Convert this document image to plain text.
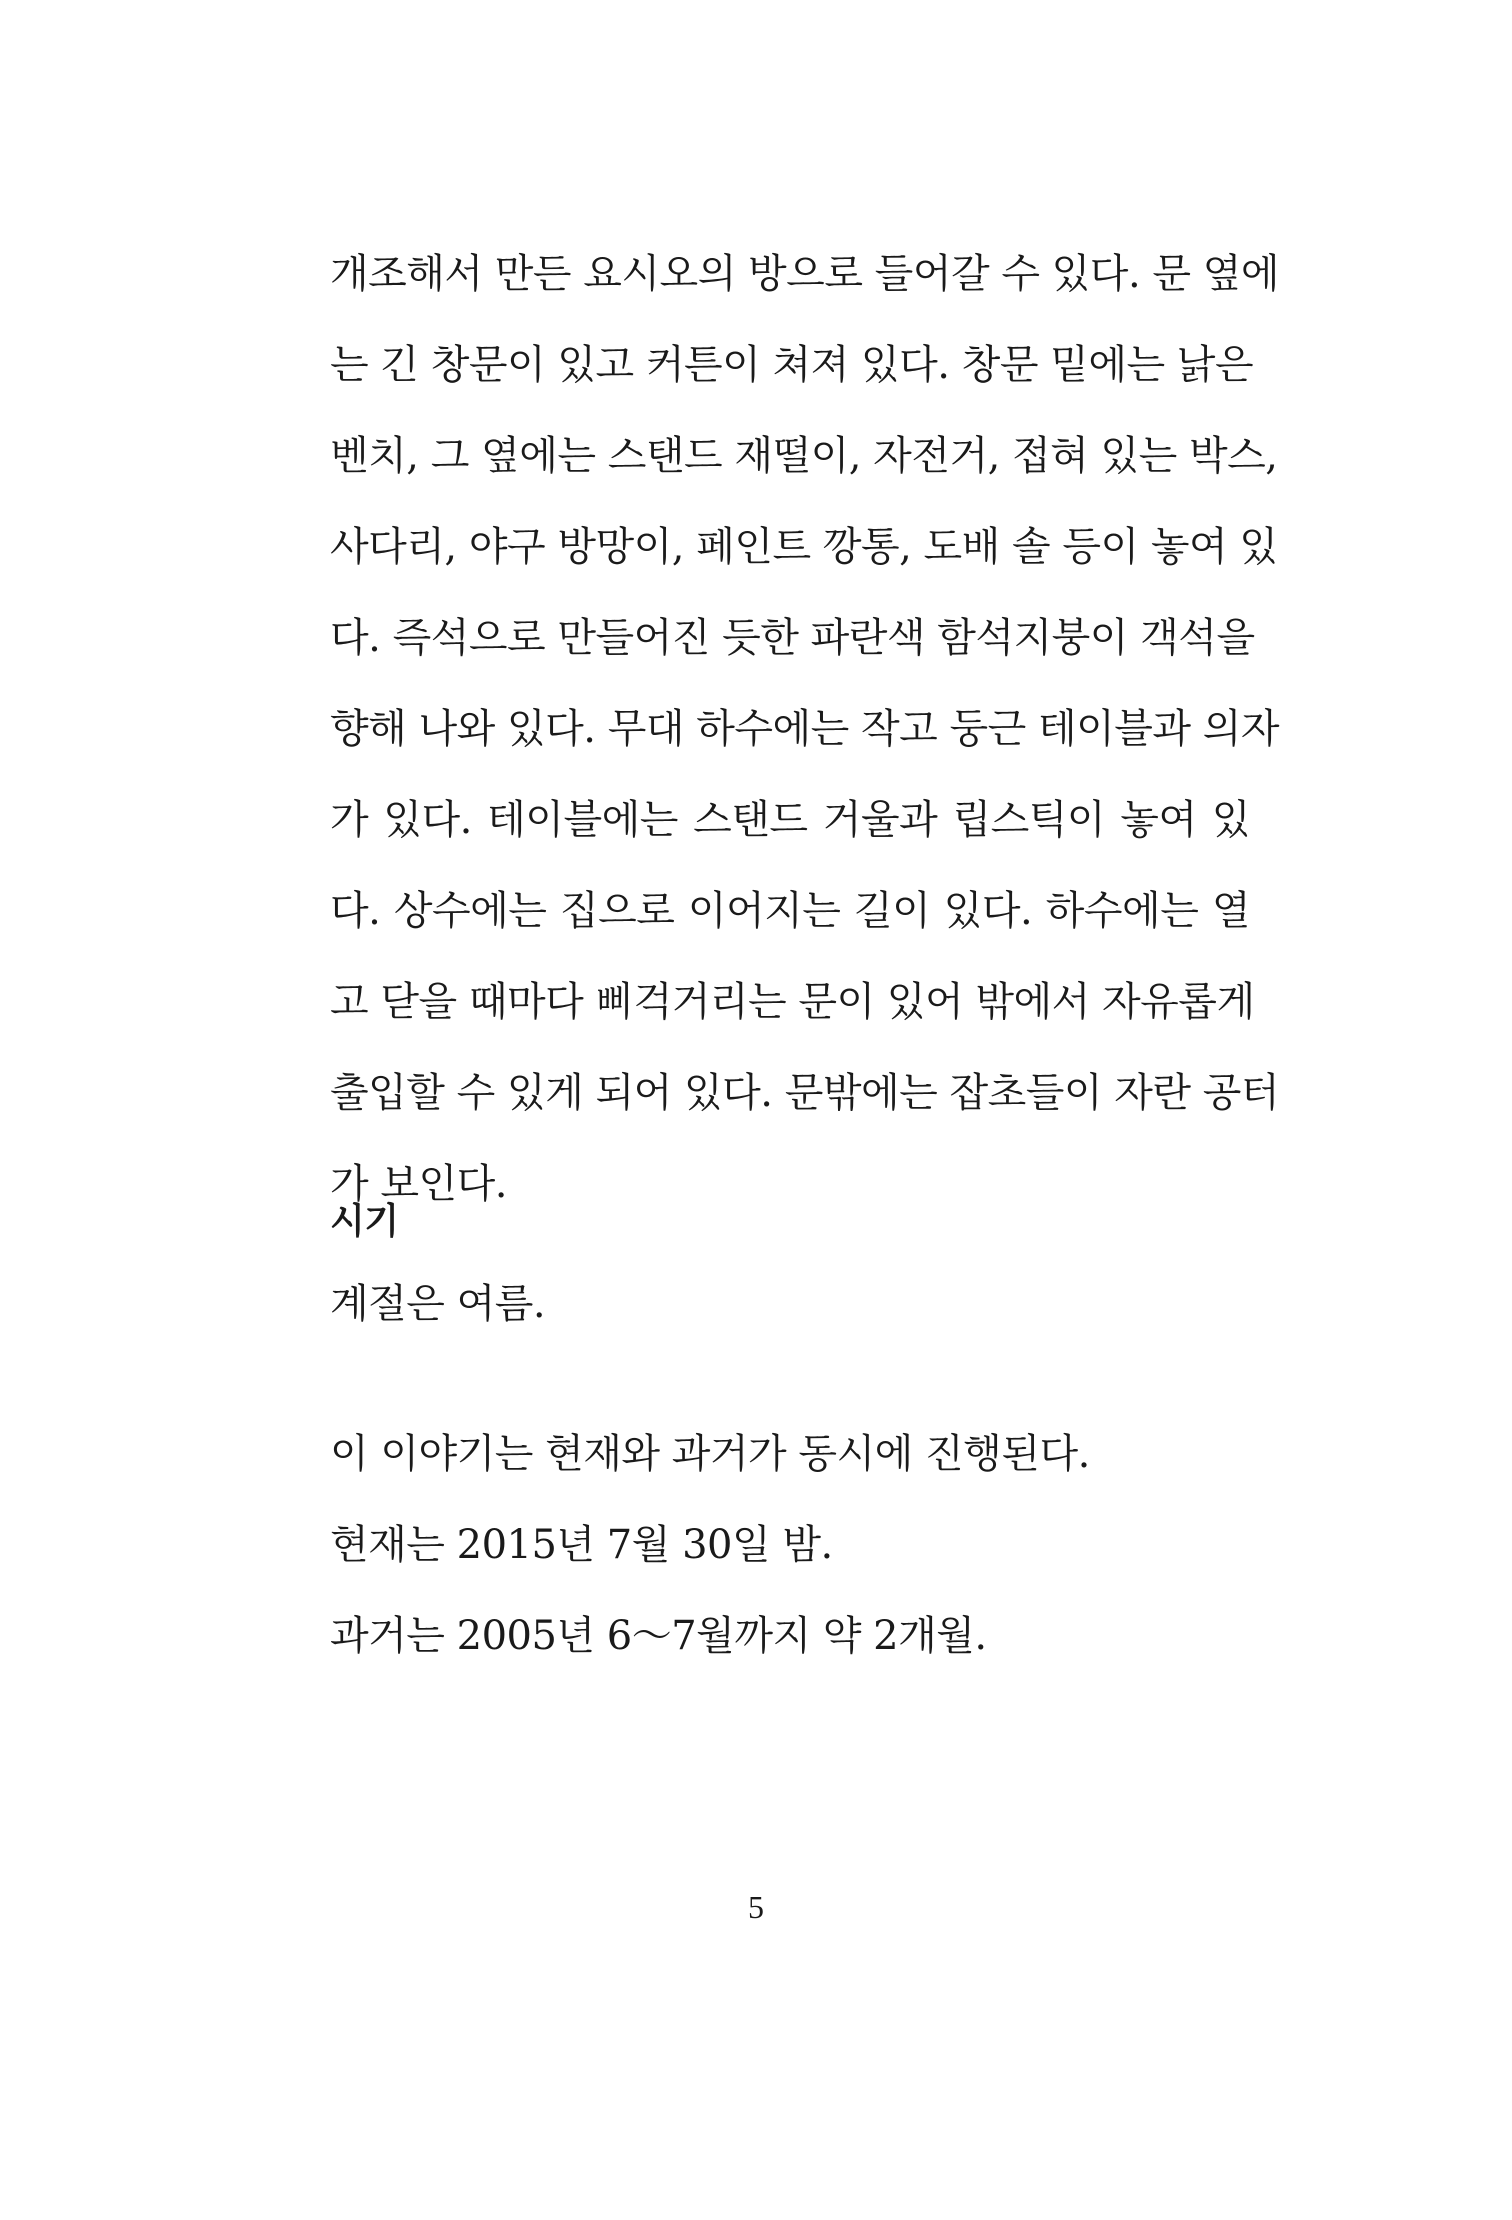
개조해서 만든 요시오의 방으로 들어갈 수 있다. 문 옆에
는 긴 창문이 있고 커튼이 쳐져 있다. 창문 밑에는 낡은
벤치, 그 옆에는 스탠드 재떨이, 자전거, 접혀 있는 박스,
사다리, 야구 방망이, 페인트 깡통, 도배 솔 등이 놓여 있
다. 즉석으로 만들어진 듯한 파란색 함석지붕이 객석을
향해 나와 있다. 무대 하수에는 작고 둥근 테이블과 의자
가 있다. 테이블에는 스탠드 거울과 립스틱이 놓여 있
다. 상수에는 집으로 이어지는 길이 있다. 하수에는 열
고 닫을 때마다 삐걱거리는 문이 있어 밖에서 자유롭게
출입할 수 있게 되어 있다. 문밖에는 잡초들이 자란 공터
가 보인다.
시기
계절은 여름.
이 이야기는 현재와 과거가 동시에 진행된다.
현재는 2015년 7월 30일 밤.
과거는 2005년 6～7월까지 약 2개월.
5
